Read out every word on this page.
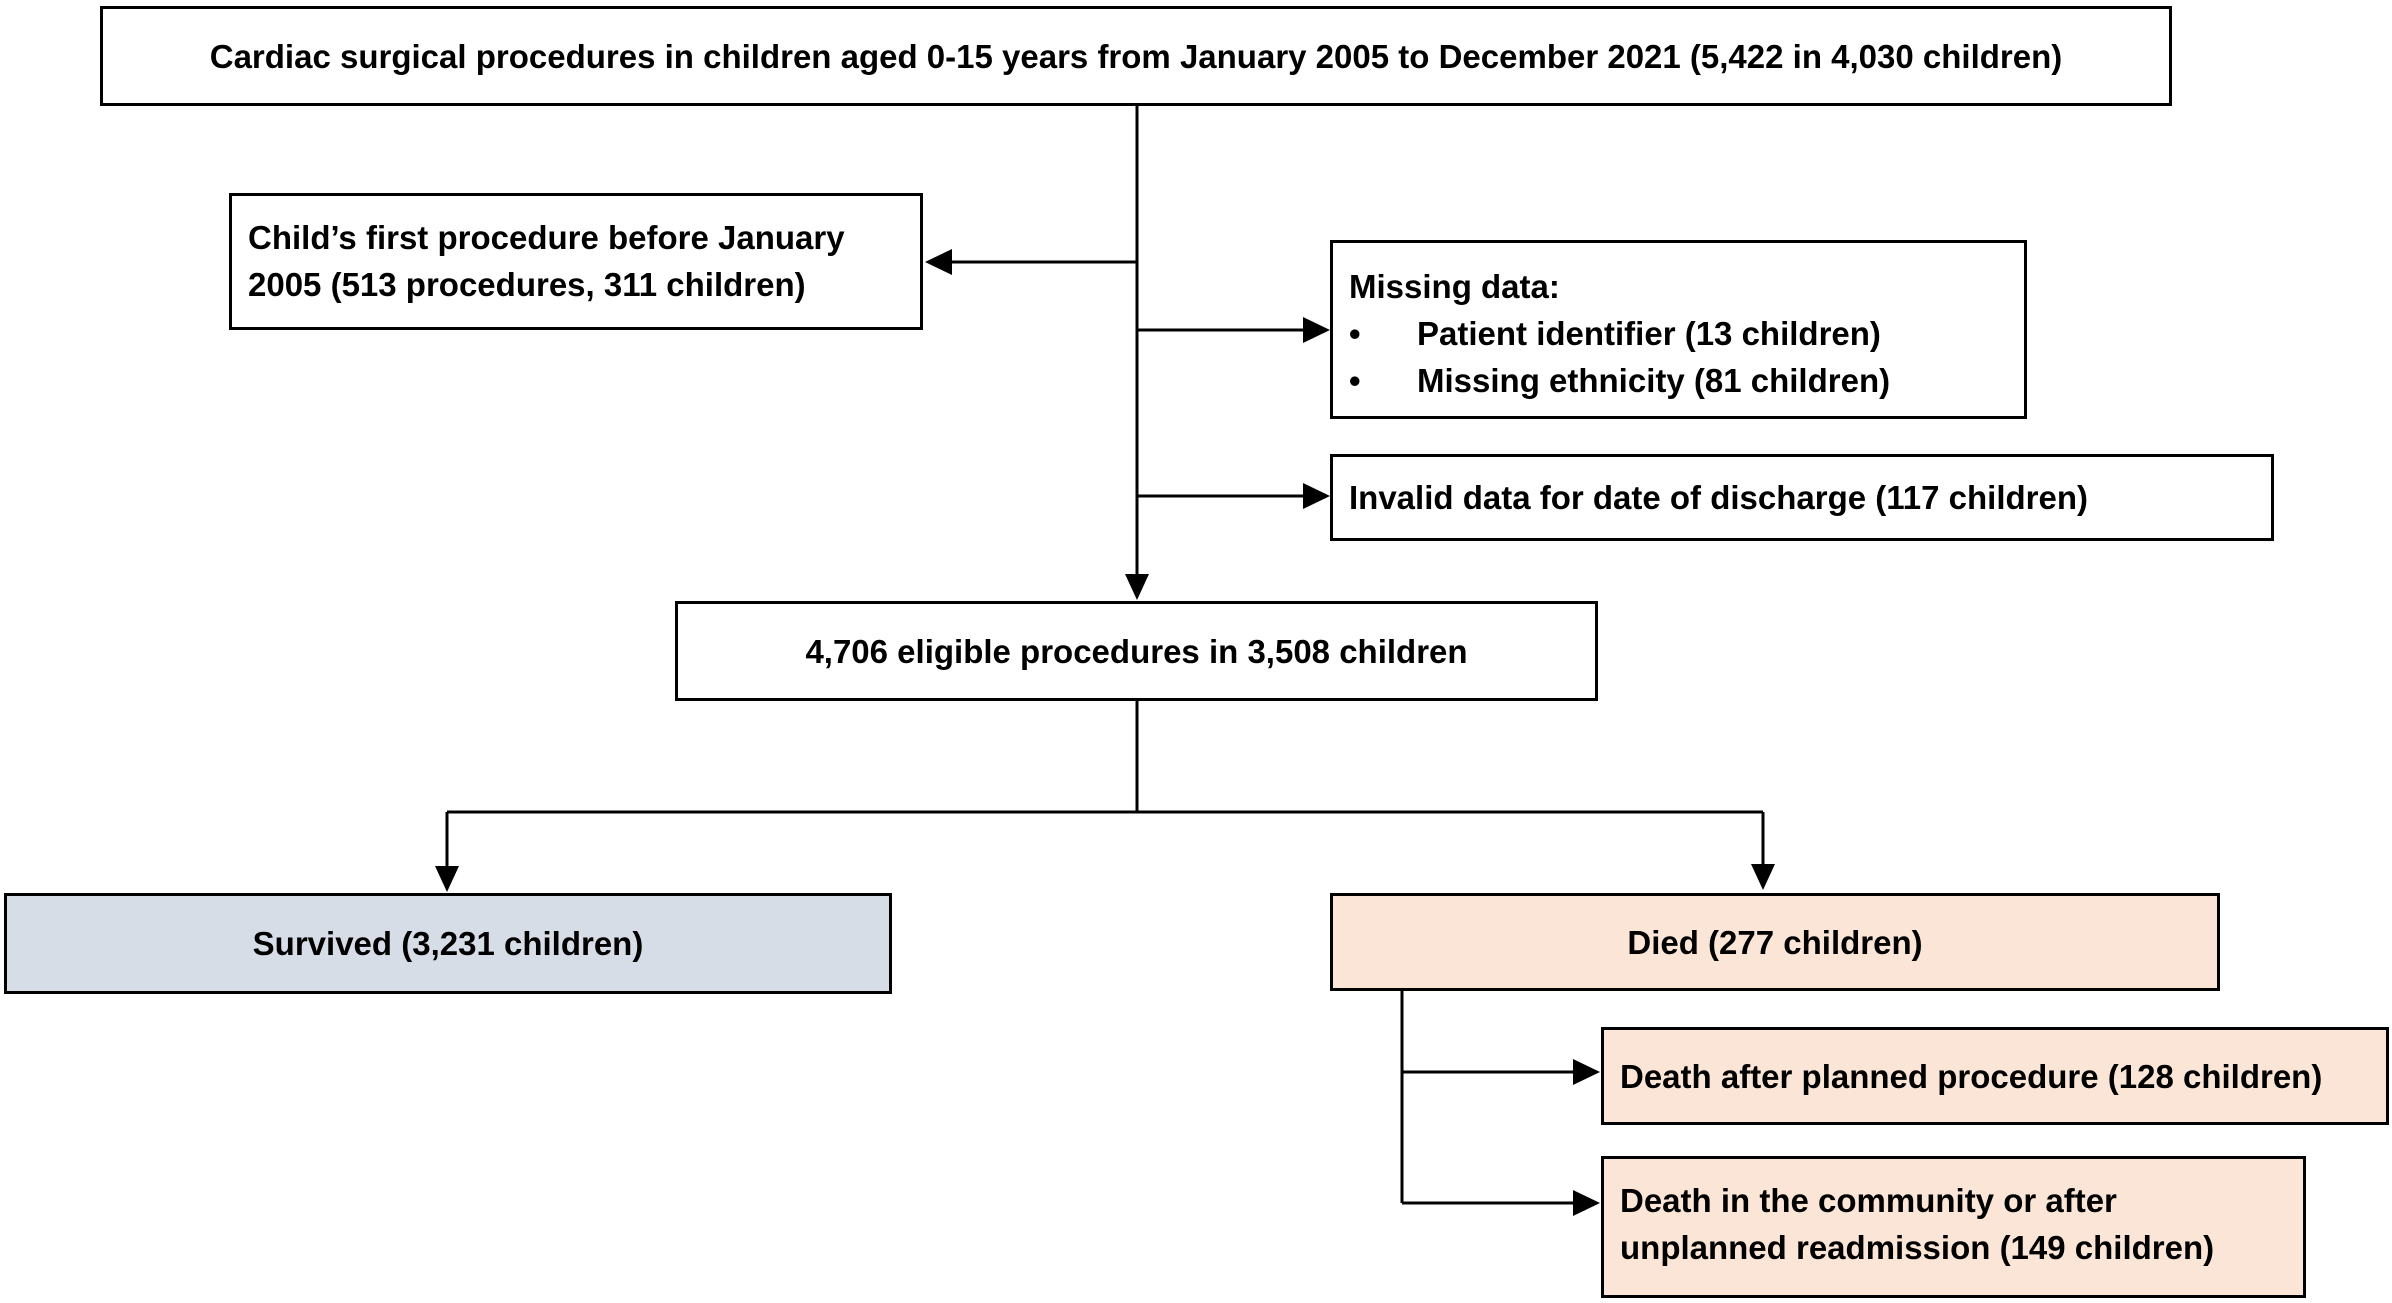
Cardiac surgical procedures in children aged 0-15 years from January 2005 to December 2021 (5,422 in 4,030 children)
Child’s first procedure before January
2005 (513 procedures, 311 children)	Missing data:
•	Patient identifier (13 children)
•	Missing ethnicity (81 children)
Invalid data for date of discharge (117 children)
4,706 eligible procedures in 3,508 children
Survived (3,231 children)	Died (277 children)
Death after planned procedure (128 children)
Death in the community or after
unplanned readmission (149 children)
